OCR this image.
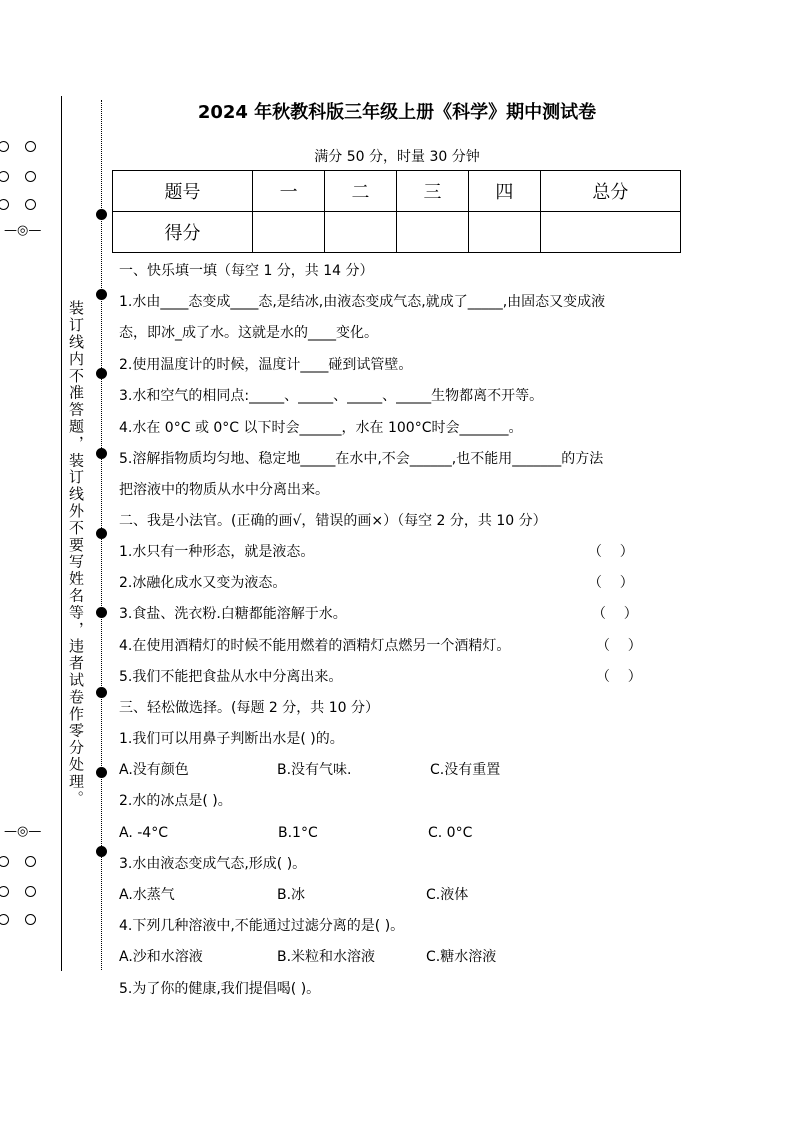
—◎—
—◎—
装订线内不准答题，装订线外不要写姓名等，违者试卷作零分处理。
2024 年秋教科版三年级上册《科学》期中测试卷
满分 50 分，时量 30 分钟
题号	一	二	三	四	总分
得分					
一、快乐填一填（每空 1 分，共 14 分）
1.水由____态变成____态,是结冰,由液态变成气态,就成了_____,由固态又变成液
态，即冰_成了水。这就是水的____变化。
2.使用温度计的时候，温度计____碰到试管壁。
3.水和空气的相同点:_____、_____、_____、_____生物都离不开等。
4.水在 0°C 或 0°C 以下时会______，水在 100°C时会_______。
5.溶解指物质均匀地、稳定地_____在水中,不会______,也不能用_______的方法
把溶液中的物质从水中分离出来。
二、我是小法官。(正确的画√，错误的画×）（每空 2 分，共 10 分）
1.水只有一种形态，就是液态。	（    ）
2.冰融化成水又变为液态。	（    ）
3.食盐、洗衣粉.白糖都能溶解于水。	（    ）
4.在使用酒精灯的时候不能用燃着的酒精灯点燃另一个酒精灯。	（    ）
5.我们不能把食盐从水中分离出来。	（    ）
三、轻松做选择。(每题 2 分，共 10 分）
1.我们可以用鼻子判断出水是( )的。
A.没有颜色	B.没有气味.	C.没有重置
2.水的冰点是( )。
A. -4°C	B.1°C	C. 0°C
3.水由液态变成气态,形成( )。
A.水蒸气	B.冰	C.液体
4.下列几种溶液中,不能通过过滤分离的是( )。
A.沙和水溶液	B.米粒和水溶液	C.糖水溶液
5.为了你的健康,我们提倡喝( )。
